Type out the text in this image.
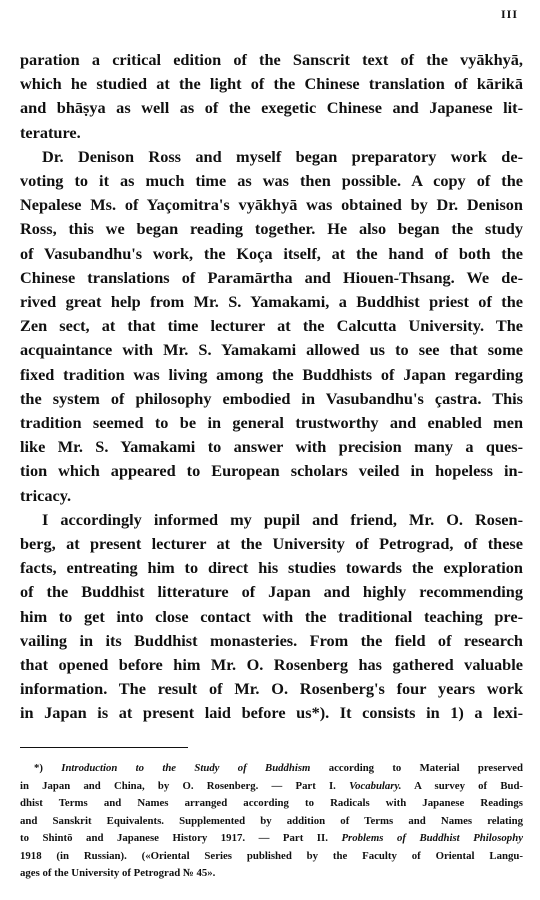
III
paration a critical edition of the Sanscrit text of the vyākhyā,
which he studied at the light of the Chinese translation of kārikā
and bhāṣya as well as of the exegetic Chinese and Japanese lit-
terature.
Dr. Denison Ross and myself began preparatory work de-
voting to it as much time as was then possible. A copy of the
Nepalese Ms. of Yaçomitra's vyākhyā was obtained by Dr. Denison
Ross, this we began reading together. He also began the study
of Vasubandhu's work, the Koça itself, at the hand of both the
Chinese translations of Paramārtha and Hiouen-Thsang. We de-
rived great help from Mr. S. Yamakami, a Buddhist priest of the
Zen sect, at that time lecturer at the Calcutta University. The
acquaintance with Mr. S. Yamakami allowed us to see that some
fixed tradition was living among the Buddhists of Japan regarding
the system of philosophy embodied in Vasubandhu's çastra. This
tradition seemed to be in general trustworthy and enabled men
like Mr. S. Yamakami to answer with precision many a ques-
tion which appeared to European scholars veiled in hopeless in-
tricacy.
I accordingly informed my pupil and friend, Mr. O. Rosen-
berg, at present lecturer at the University of Petrograd, of these
facts, entreating him to direct his studies towards the exploration
of the Buddhist litterature of Japan and highly recommending
him to get into close contact with the traditional teaching pre-
vailing in its Buddhist monasteries. From the field of research
that opened before him Mr. O. Rosenberg has gathered valuable
information. The result of Mr. O. Rosenberg's four years work
in Japan is at present laid before us*). It consists in 1) a lexi-
*) Introduction to the Study of Buddhism according to Material preserved
in Japan and China, by O. Rosenberg. — Part I. Vocabulary. A survey of Bud-
dhist Terms and Names arranged according to Radicals with Japanese Readings
and Sanskrit Equivalents. Supplemented by addition of Terms and Names relating
to Shintō and Japanese History 1917. — Part II. Problems of Buddhist Philosophy
1918 (in Russian). («Oriental Series published by the Faculty of Oriental Langu-
ages of the University of Petrograd № 45».
